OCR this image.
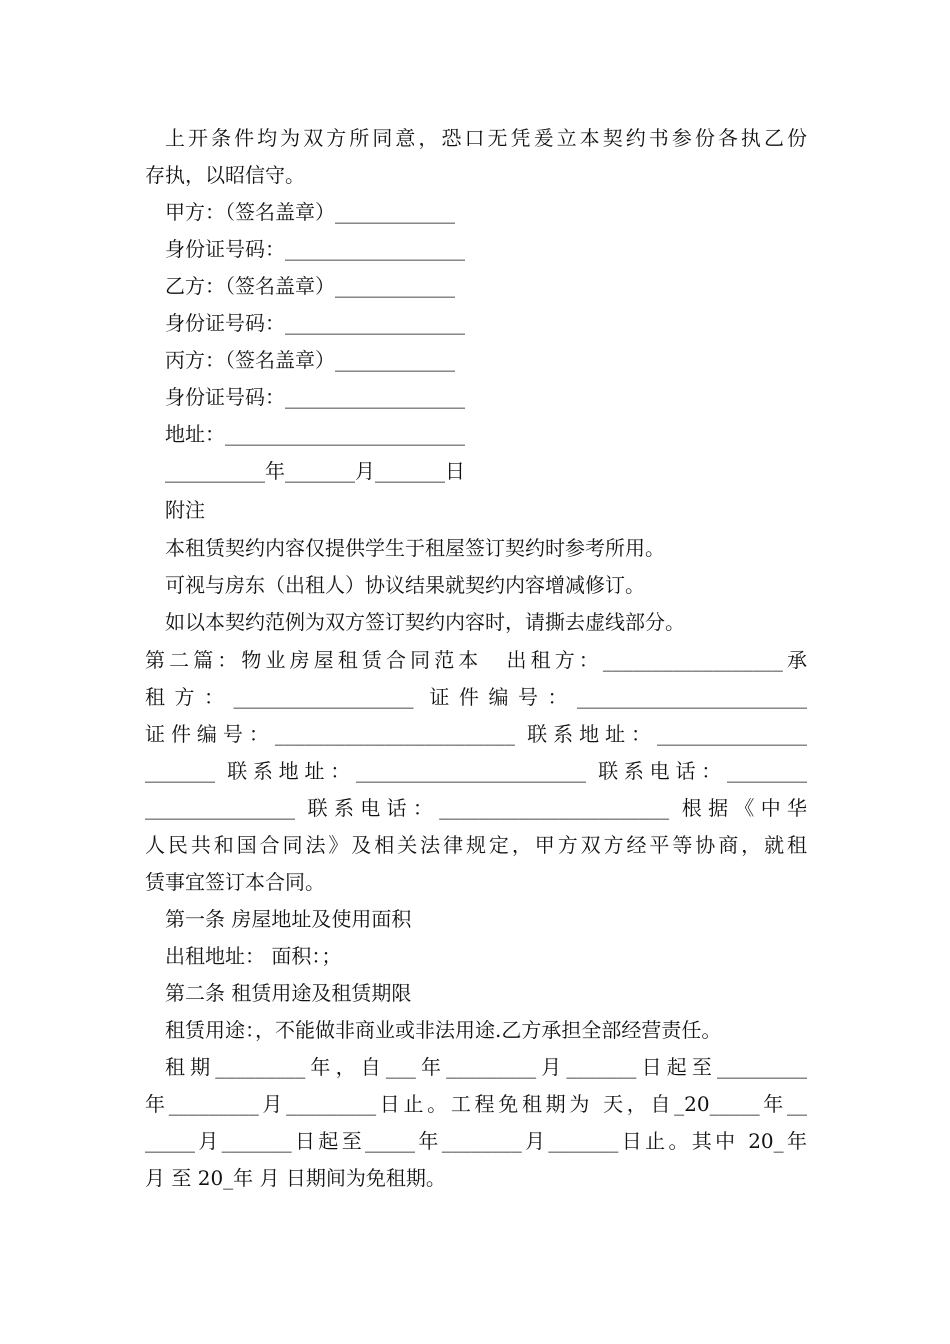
上开条件均为双方所同意，恐口无凭爰立本契约书参份各执乙份

存执，以昭信守。

甲方：（签名盖章）____________

身份证号码：__________________

乙方：（签名盖章）____________

身份证号码：__________________

丙方：（签名盖章）____________

身份证号码：__________________

地址：________________________

__________年_______月_______日

附注

本租赁契约内容仅提供学生于租屋签订契约时参考所用。

可视与房东（出租人）协议结果就契约内容增减修订。

如以本契约范例为双方签订契约内容时，请撕去虚线部分。

第二篇：物业房屋租赁合同范本　出租方：__________________承

租方：__________________ 证件编号：_______________________

证件编号：________________________ 联系地址：_______________

_______ 联系地址：_______________________ 联系电话：________

_______________ 联系电话：_______________________ 根据《中华

人民共和国合同法》及相关法律规定，甲方双方经平等协商，就租

赁事宜签订本合同。

第一条 房屋地址及使用面积

出租地址： 面积：；

第二条 租赁用途及租赁期限

租赁用途：，不能做非商业或非法用途.乙方承担全部经营责任。

租期_________年，自___年_________月_______日起至_________

年_________月_________日止。工程免租期为 天，自_20_____年__

_____月_______日起至_____年________月_______日止。其中 20_年

月 至 20_年 月 日期间为免租期。
